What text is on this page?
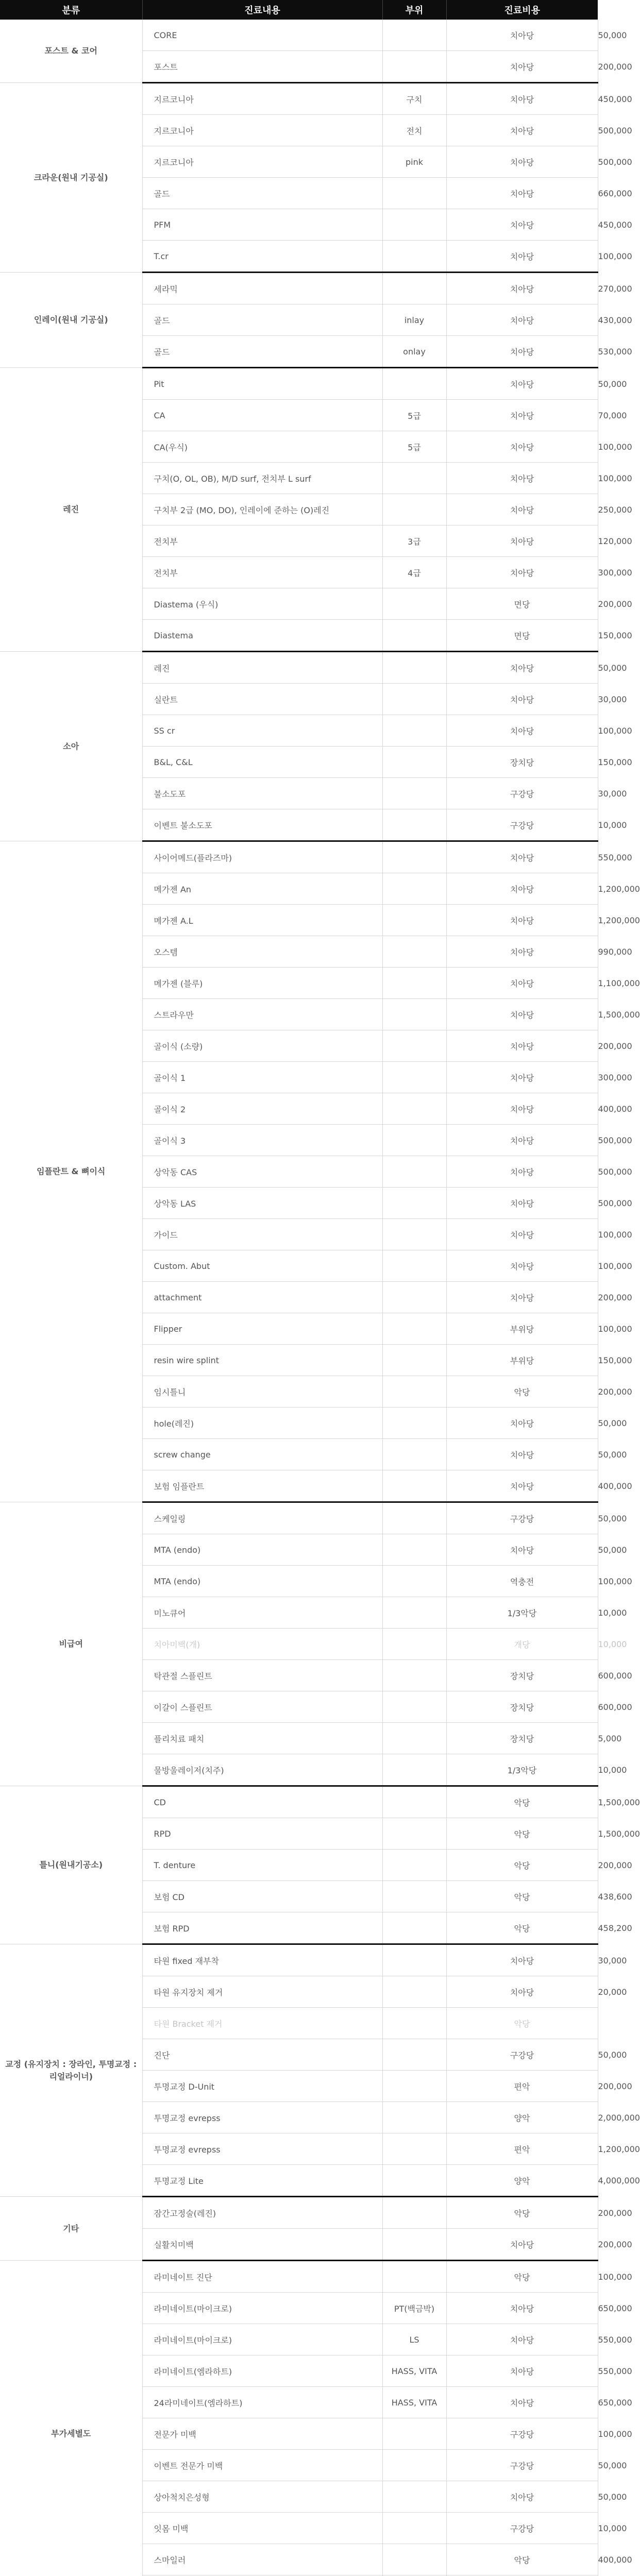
분류	진료내용	부위	진료비용	
포스트 & 코어	CORE		치아당	50,000
	포스트		치아당	200,000
크라운(원내 기공실)	지르코니아	구치	치아당	450,000
	지르코니아	전치	치아당	500,000
	지르코니아	pink	치아당	500,000
	골드		치아당	660,000
	PFM		치아당	450,000
	T.cr		치아당	100,000
인레이(원내 기공실)	세라믹		치아당	270,000
	골드	inlay	치아당	430,000
	골드	onlay	치아당	530,000
레진	Pit		치아당	50,000
	CA	5급	치아당	70,000
	CA(우식)	5급	치아당	100,000
	구치(O, OL, OB), M/D surf, 전치부 L surf		치아당	100,000
	구치부 2급 (MO, DO), 인레이에 준하는 (O)레진		치아당	250,000
	전치부	3급	치아당	120,000
	전치부	4급	치아당	300,000
	Diastema (우식)		면당	200,000
	Diastema		면당	150,000
소아	레진		치아당	50,000
	실란트		치아당	30,000
	SS cr		치아당	100,000
	B&L, C&L		장치당	150,000
	불소도포		구강당	30,000
	이벤트 불소도포		구강당	10,000
임플란트 & 뼈이식	사이어메드(플라즈마)		치아당	550,000
	메가젠 An		치아당	1,200,000
	메가젠 A.L		치아당	1,200,000
	오스템		치아당	990,000
	메가젠 (블루)		치아당	1,100,000
	스트라우만		치아당	1,500,000
	골이식 (소량)		치아당	200,000
	골이식 1		치아당	300,000
	골이식 2		치아당	400,000
	골이식 3		치아당	500,000
	상악동 CAS		치아당	500,000
	상악동 LAS		치아당	500,000
	가이드		치아당	100,000
	Custom. Abut		치아당	100,000
	attachment		치아당	200,000
	Flipper		부위당	100,000
	resin wire splint		부위당	150,000
	임시틀니		악당	200,000
	hole(레진)		치아당	50,000
	screw change		치아당	50,000
	보험 임플란트		치아당	400,000
비급여	스케일링		구강당	50,000
	MTA (endo)		치아당	50,000
	MTA (endo)		역충전	100,000
	미노큐어		1/3악당	10,000
	치아미백(개)		개당	10,000
	탁관절 스플린트		장치당	600,000
	이갈이 스플린트		장치당	600,000
	플리치료 패치		장치당	5,000
	물방울레이저(치주)		1/3악당	10,000
틀니(원내기공소)	CD		악당	1,500,000
	RPD		악당	1,500,000
	T. denture		악당	200,000
	보험 CD		악당	438,600
	보험 RPD		악당	458,200
교정 (유지장치 : 장라인, 투명교정 : 리얼라이너)	타원 fixed 재부착		치아당	30,000
	타원 유지장치 제거		치아당	20,000
	타원 Bracket 제거		악당	
	진단		구강당	50,000
	투명교정 D-Unit		편악	200,000
	투명교정 evrepss		양악	2,000,000
	투명교정 evrepss		편악	1,200,000
	투명교정 Lite		양악	4,000,000
기타	잠간고정술(레진)		악당	200,000
	실활치미백		치아당	200,000
부가세별도	라미네이트 진단		악당	100,000
	라미네이트(마이크로)	PT(백금박)	치아당	650,000
	라미네이트(마이크로)	LS	치아당	550,000
	라미네이트(엠라하트)	HASS, VITA	치아당	550,000
	24라미네이트(엠라하트)	HASS, VITA	치아당	650,000
	전문가 미백		구강당	100,000
	이벤트 전문가 미백		구강당	50,000
	상아척치은성형		치아당	50,000
	잇몸 미백		구강당	10,000
	스마일러		악당	400,000
